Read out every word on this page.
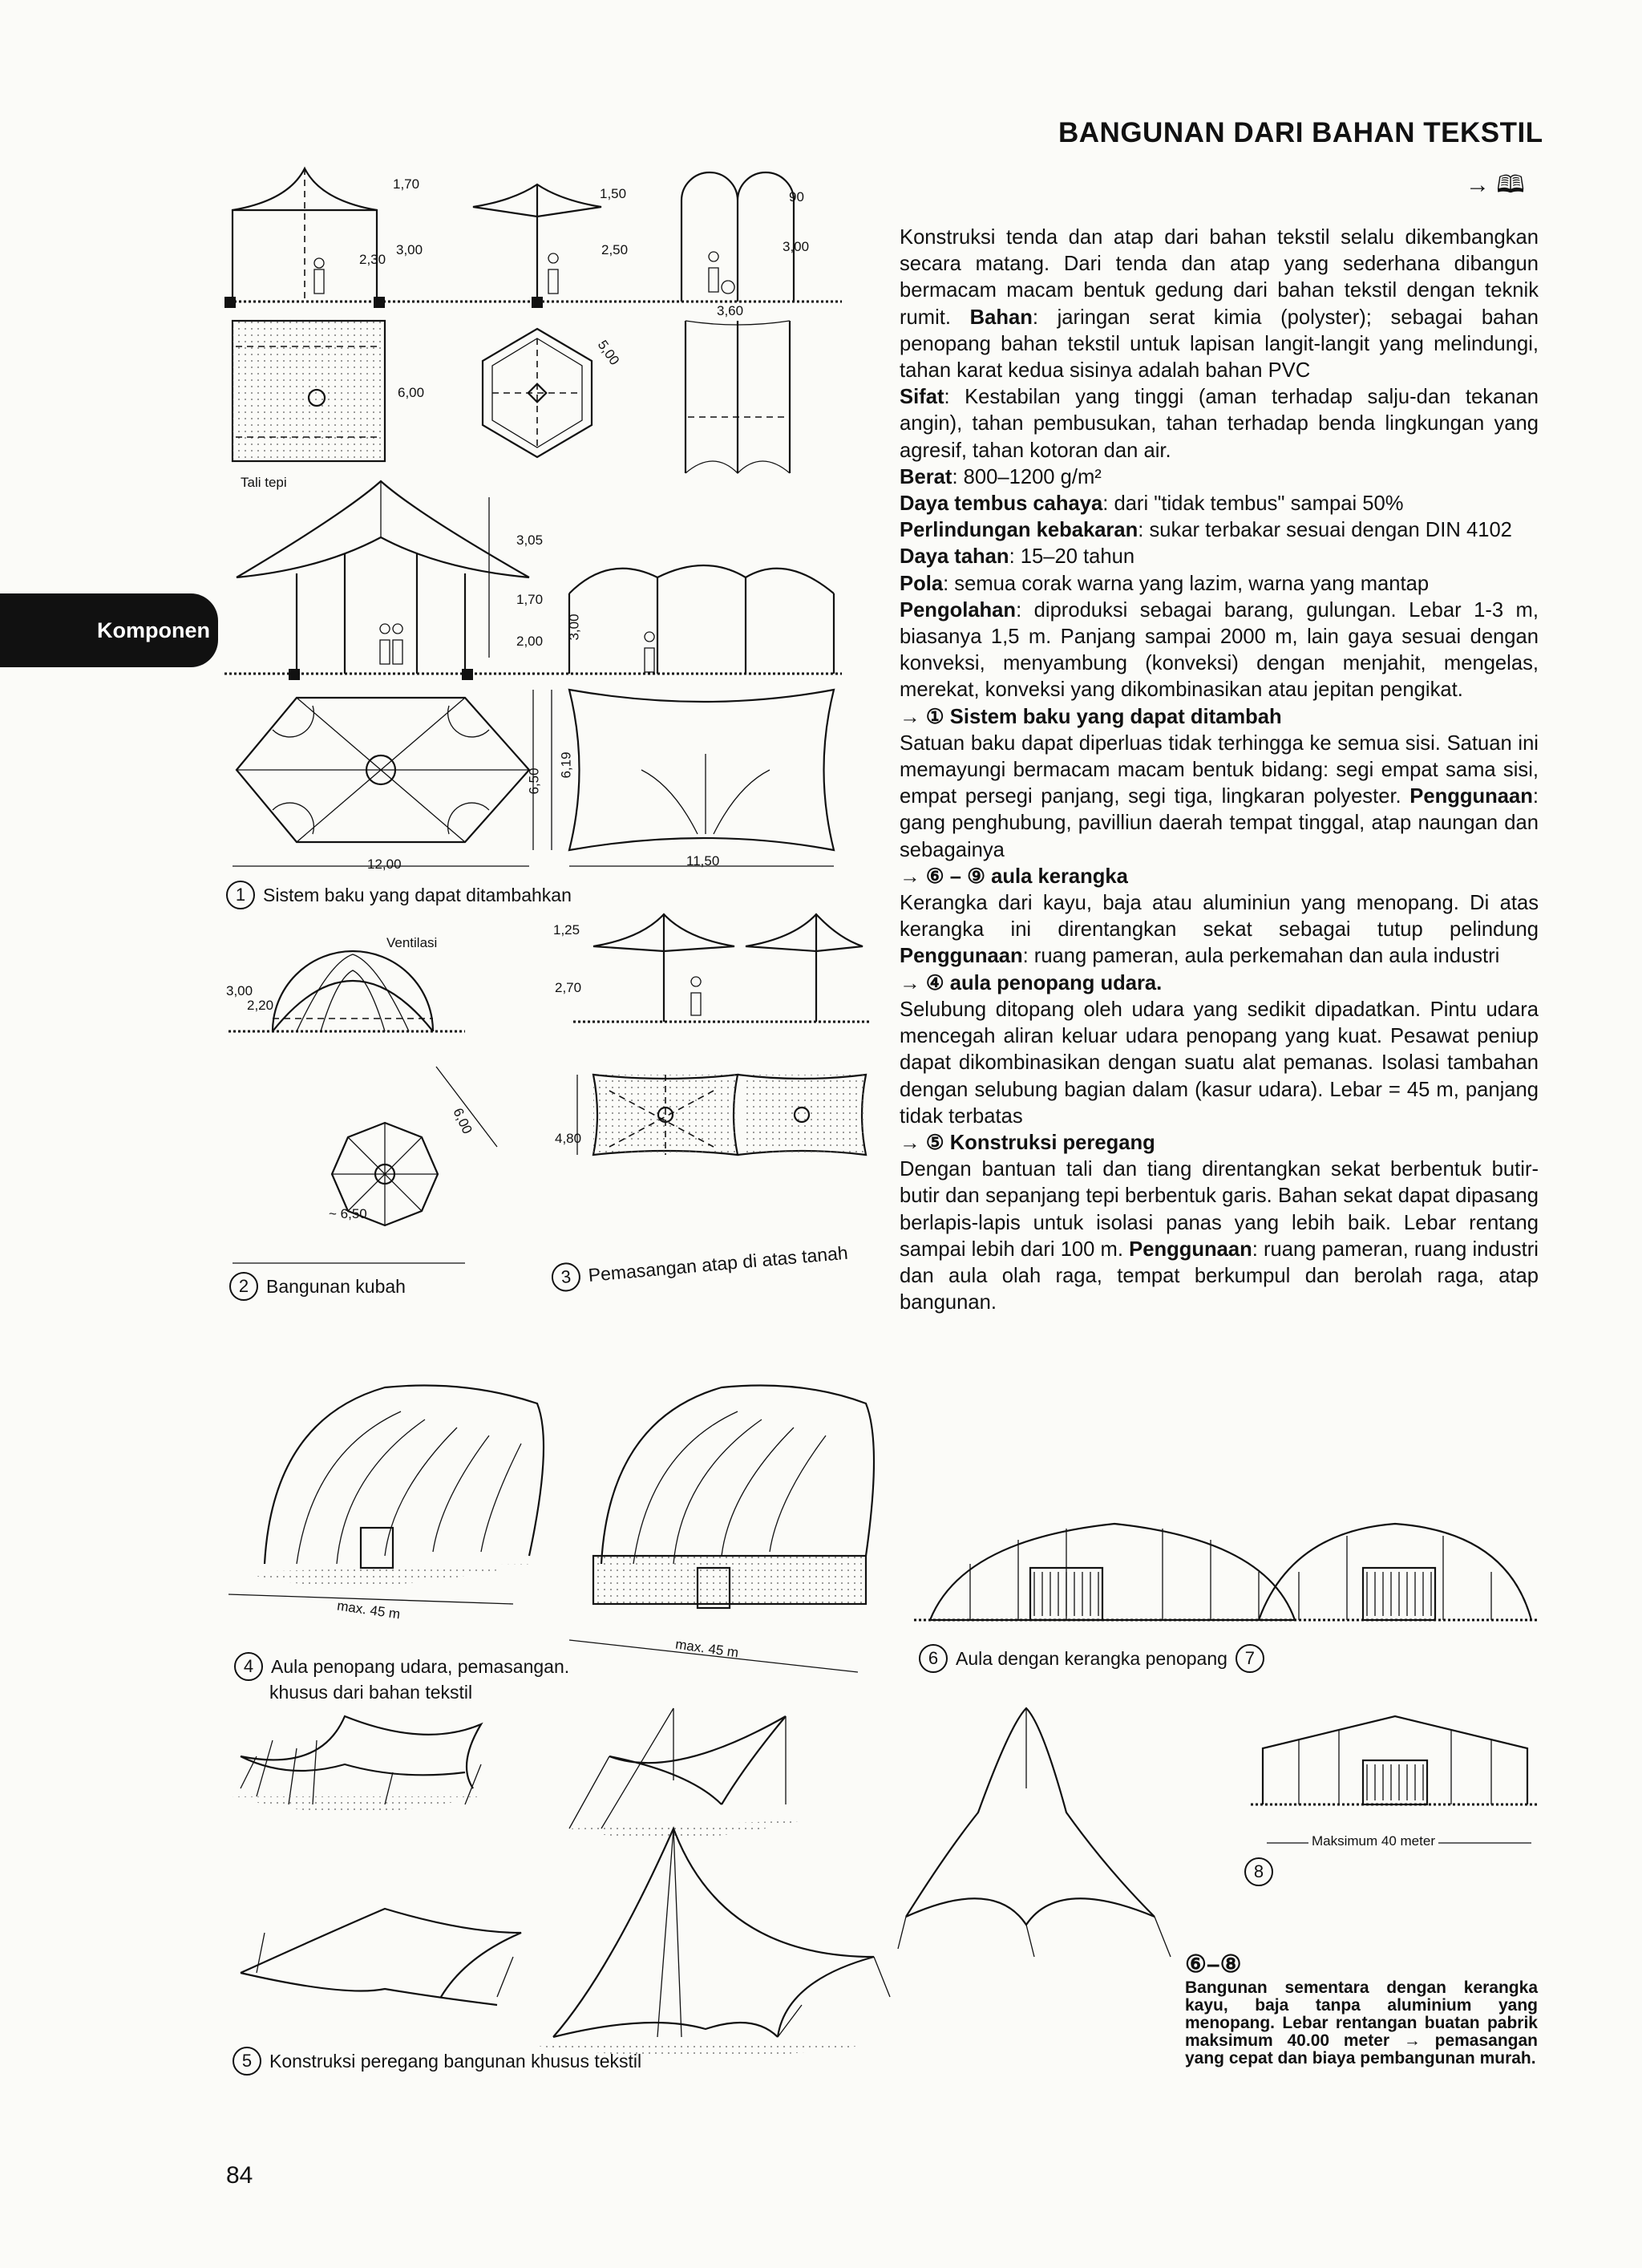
BANGUNAN DARI BAHAN TEKSTIL
→ 🕮
Komponen

Konstruksi tenda dan atap dari bahan tekstil selalu dikembangkan secara matang. Dari tenda dan atap yang sederhana dibangun bermacam macam bentuk gedung dari bahan tekstil dengan teknik rumit. Bahan: jaringan serat kimia (polyster); sebagai bahan penopang bahan tekstil untuk lapisan langit-langit yang melindungi, tahan karat kedua sisinya adalah bahan PVC

Sifat: Kestabilan yang tinggi (aman terhadap salju-dan tekanan angin), tahan pembusukan, tahan terhadap benda lingkungan yang agresif, tahan kotoran dan air.

Berat: 800–1200 g/m²

Daya tembus cahaya: dari "tidak tembus" sampai 50%

Perlindungan kebakaran: sukar terbakar sesuai dengan DIN 4102

Daya tahan: 15–20 tahun

Pola: semua corak warna yang lazim, warna yang mantap

Pengolahan: diproduksi sebagai barang, gulungan. Lebar 1-3 m, biasanya 1,5 m. Panjang sampai 2000 m, lain gaya sesuai dengan konveksi, menyambung (konveksi) dengan menjahit, mengelas, merekat, konveksi yang dikombinasikan atau jepitan pengikat.

→ ① Sistem baku yang dapat ditambah

Satuan baku dapat diperluas tidak terhingga ke semua sisi. Satuan ini memayungi bermacam macam bentuk bidang: segi empat sama sisi, empat persegi panjang, segi tiga, lingkaran polyester. Penggunaan: gang penghubung, pavilliun daerah tempat tinggal, atap naungan dan sebagainya

→ ⑥ – ⑨ aula kerangka

Kerangka dari kayu, baja atau aluminiun yang menopang. Di atas kerangka ini direntangkan sekat sebagai tutup pelindung Penggunaan: ruang pameran, aula perkemahan dan aula industri

→ ④ aula penopang udara.

Selubung ditopang oleh udara yang sedikit dipadatkan. Pintu udara mencegah aliran keluar udara penopang yang kuat. Pesawat peniup dapat dikombinasikan dengan suatu alat pemanas. Isolasi tambahan dengan selubung bagian dalam (kasur udara). Lebar = 45 m, panjang tidak terbatas

→ ⑤ Konstruksi peregang

Dengan bantuan tali dan tiang direntangkan sekat berbentuk butir-butir dan sepanjang tepi berbentuk garis. Bahan sekat dapat dipasang berlapis-lapis untuk isolasi panas yang lebih baik. Lebar rentang sampai lebih dari 100 m. Penggunaan: ruang pameran, ruang industri dan aula olah raga, tempat berkumpul dan berolah raga, atap bangunan.

1,70
3,00
2,30
1,50
2,50
90
3,00
3,60
6,00
5,00
Tali tepi
3,05
1,70
3,00
2,00
6,50
6,19
12,00	11,50
1 Sistem baku yang dapat ditambahkan
Ventilasi
3,00
2,20
6,00
~ 6,50
2 Bangunan kubah
1,25
2,70
4,80
3 Pemasangan atap di atas tanah
max. 45 m
max. 45 m
4 Aula penopang udara, pemasangan.
khusus dari bahan tekstil
6 Aula dengan kerangka penopang 7
Maksimum 40 meter
8
5 Konstruksi peregang bangunan khusus tekstil
⑥–⑧
Bangunan sementara dengan kerangka kayu, baja tanpa aluminium yang menopang. Lebar rentangan buatan pabrik maksimum 40.00 meter → pemasangan yang cepat dan biaya pembangunan murah.
84
